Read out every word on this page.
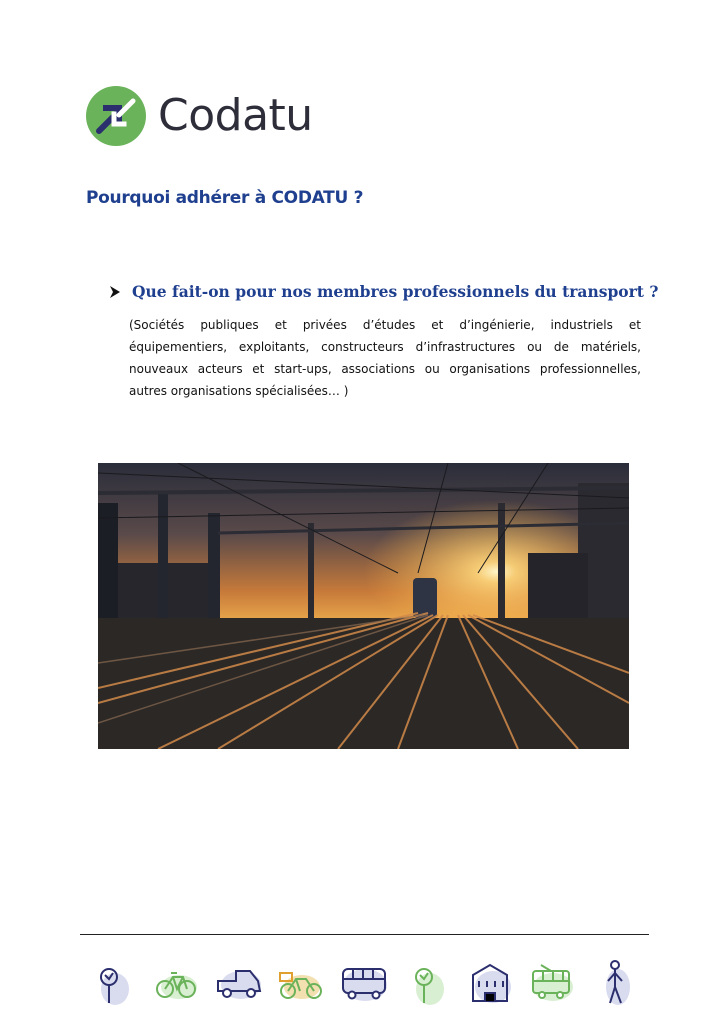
Codatu
Pourquoi adhérer à CODATU ?
Que fait-on pour nos membres professionnels du transport ?
(Sociétés publiques et privées d’études et d’ingénierie, industriels et équipementiers, exploitants, constructeurs d’infrastructures ou de matériels, nouveaux acteurs et start-ups, associations ou organisations professionnelles, autres organisations spécialisées… )
